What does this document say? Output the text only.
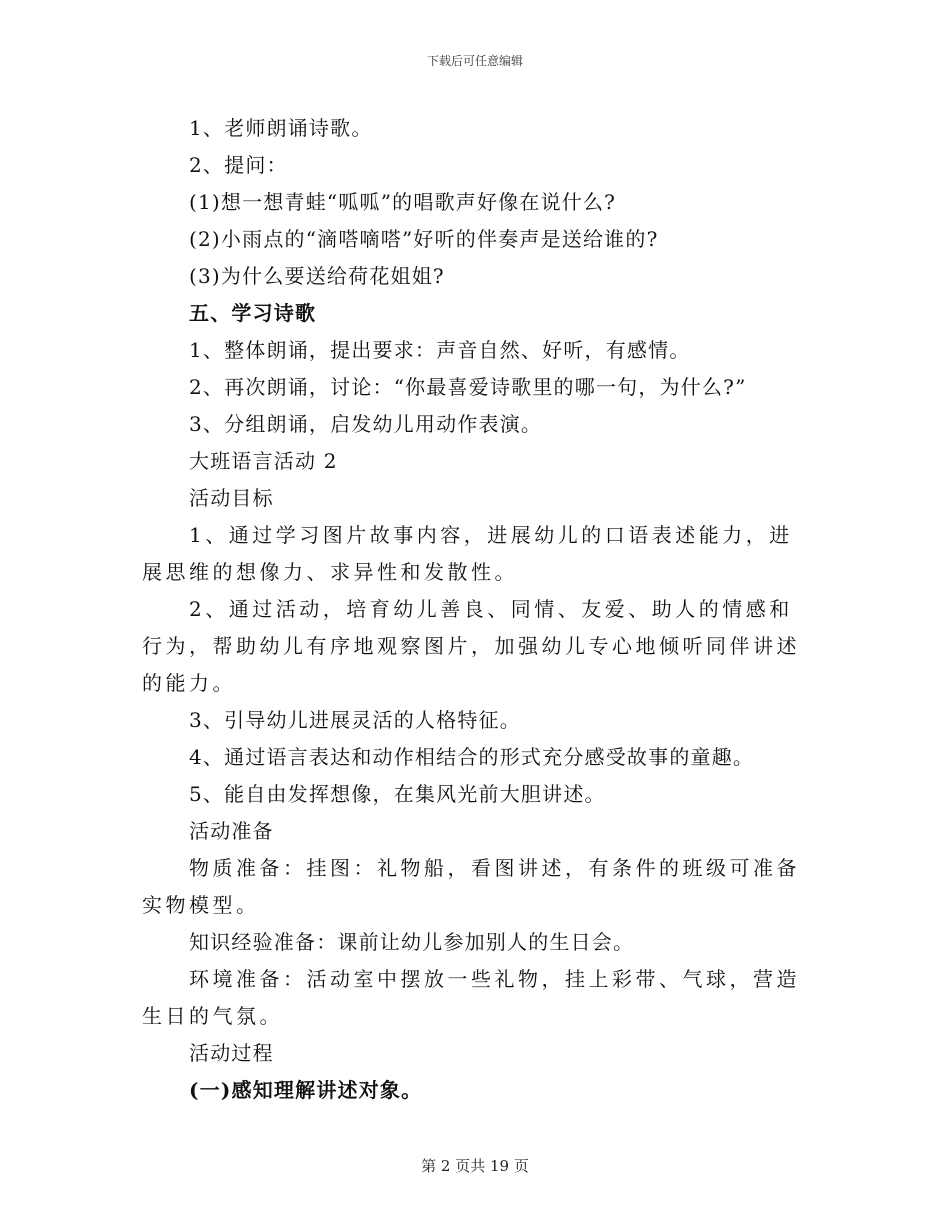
下载后可任意编辑

1、老师朗诵诗歌。

2、提问：

(1)想一想青蛙“呱呱”的唱歌声好像在说什么?

(2)小雨点的“滴嗒嘀嗒”好听的伴奏声是送给谁的?

(3)为什么要送给荷花姐姐?

五、学习诗歌

1、整体朗诵，提出要求：声音自然、好听，有感情。

2、再次朗诵，讨论：“你最喜爱诗歌里的哪一句，为什么?”

3、分组朗诵，启发幼儿用动作表演。

大班语言活动 2

活动目标

1、通过学习图片故事内容，进展幼儿的口语表述能力，进展思维的想像力、求异性和发散性。

2、通过活动，培育幼儿善良、同情、友爱、助人的情感和行为，帮助幼儿有序地观察图片，加强幼儿专心地倾听同伴讲述的能力。

3、引导幼儿进展灵活的人格特征。

4、通过语言表达和动作相结合的形式充分感受故事的童趣。

5、能自由发挥想像，在集风光前大胆讲述。

活动准备

物质准备：挂图：礼物船，看图讲述，有条件的班级可准备实物模型。

知识经验准备：课前让幼儿参加别人的生日会。

环境准备：活动室中摆放一些礼物，挂上彩带、气球，营造生日的气氛。

活动过程

(一)感知理解讲述对象。

第 2 页共 19 页
